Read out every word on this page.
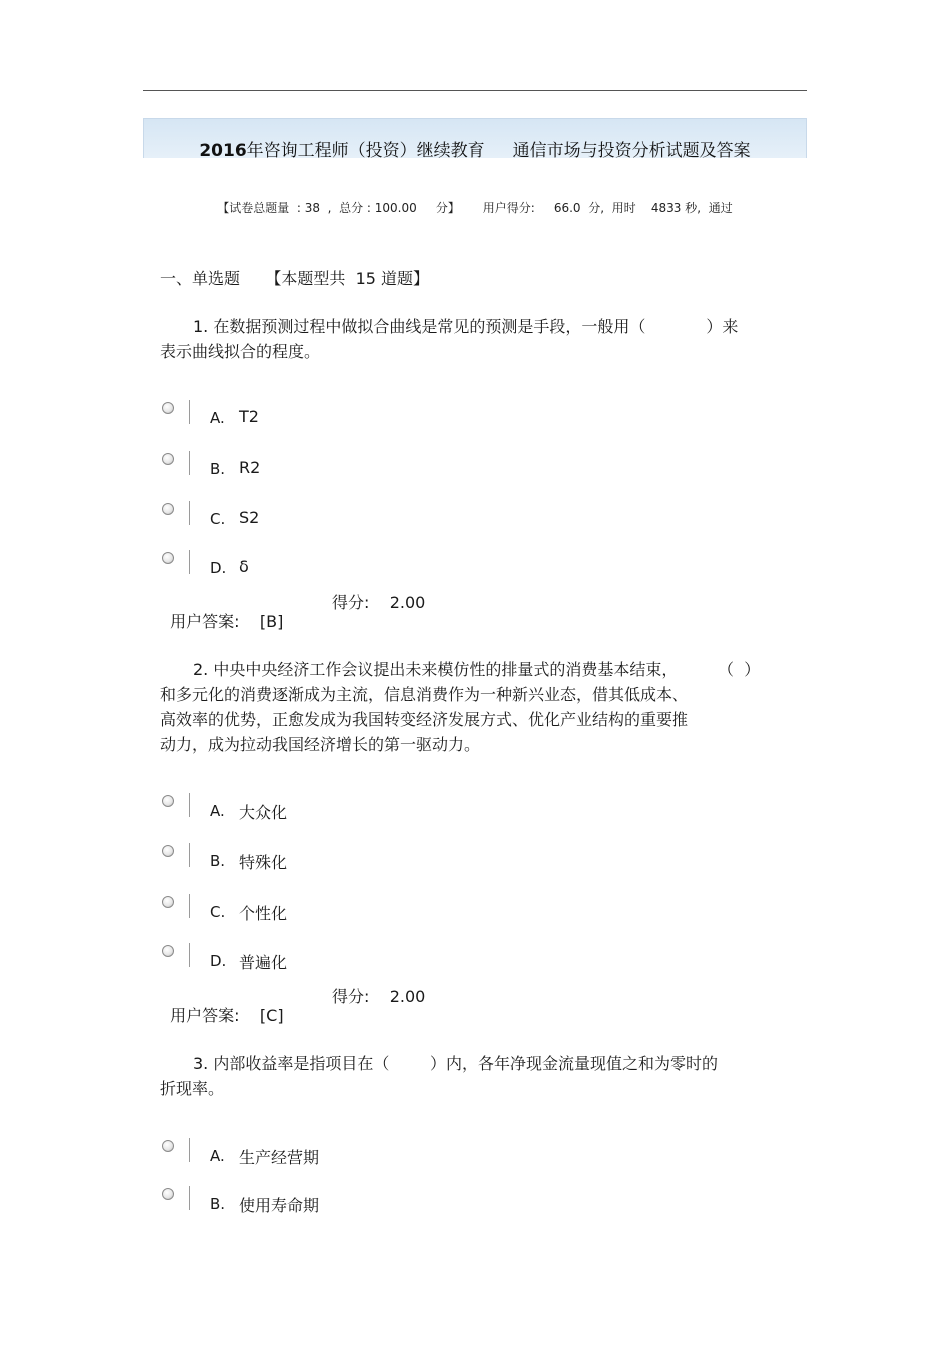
2016年咨询工程师（投资）继续教育 通信市场与投资分析试题及答案
【试卷总题量  : 38  ,  总分 : 100.00     分】      用户得分:     66.0  分,  用时    4833 秒,  通过
一、单选题     【本题型共  15 道题】
1. 在数据预测过程中做拟合曲线是常见的预测是手段，一般用（            ）来
表示曲线拟合的程度。
A. T2
B. R2
C. S2
D. δ

用户答案:    [B]

得分:    2.00

2. 中央中央经济工作会议提出未来模仿性的排量式的消费基本结束，        （  ）
和多元化的消费逐渐成为主流，信息消费作为一种新兴业态，借其低成本、
高效率的优势，正愈发成为我国转变经济发展方式、优化产业结构的重要推
动力，成为拉动我国经济增长的第一驱动力。
A. 大众化
B. 特殊化
C. 个性化
D. 普遍化

用户答案:    [C]

得分:    2.00

3. 内部收益率是指项目在（        ）内，各年净现金流量现值之和为零时的
折现率。
A. 生产经营期
B. 使用寿命期
